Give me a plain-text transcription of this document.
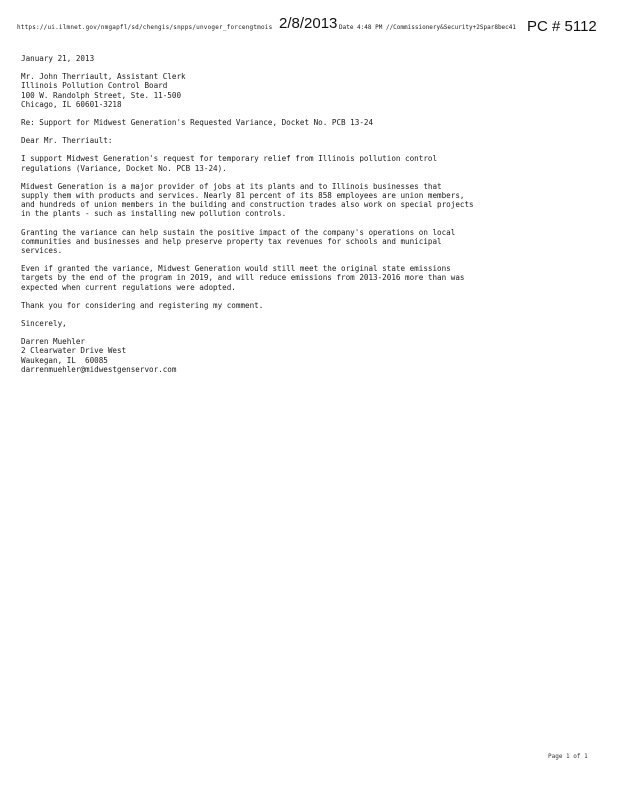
https://ui.ilmnet.gov/nmgapfl/sd/chengis/snpps/unvoger_forcengtmois 2/8/2013 Date 4:48 PM //Commissionery&Security+2Spar8bec41 PC # 5112

January 21, 2013

Mr. John Therriault, Assistant Clerk

Illinois Pollution Control Board

100 W. Randolph Street, Ste. 11-500

Chicago, IL 60601-3218

Re: Support for Midwest Generation's Requested Variance, Docket No. PCB 13-24

Dear Mr. Therriault:

I support Midwest Generation's request for temporary relief from Illinois pollution control

regulations (Variance, Docket No. PCB 13-24).

Midwest Generation is a major provider of jobs at its plants and to Illinois businesses that

supply them with products and services. Nearly 81 percent of its 858 employees are union members,

and hundreds of union members in the building and construction trades also work on special projects

in the plants - such as installing new pollution controls.

Granting the variance can help sustain the positive impact of the company's operations on local

communities and businesses and help preserve property tax revenues for schools and municipal

services.

Even if granted the variance, Midwest Generation would still meet the original state emissions

targets by the end of the program in 2019, and will reduce emissions from 2013-2016 more than was

expected when current regulations were adopted.

Thank you for considering and registering my comment.

Sincerely,

Darren Muehler

2 Clearwater Drive West

Waukegan, IL  60085

darrenmuehler@midwestgenservor.com

Page 1 of 1
